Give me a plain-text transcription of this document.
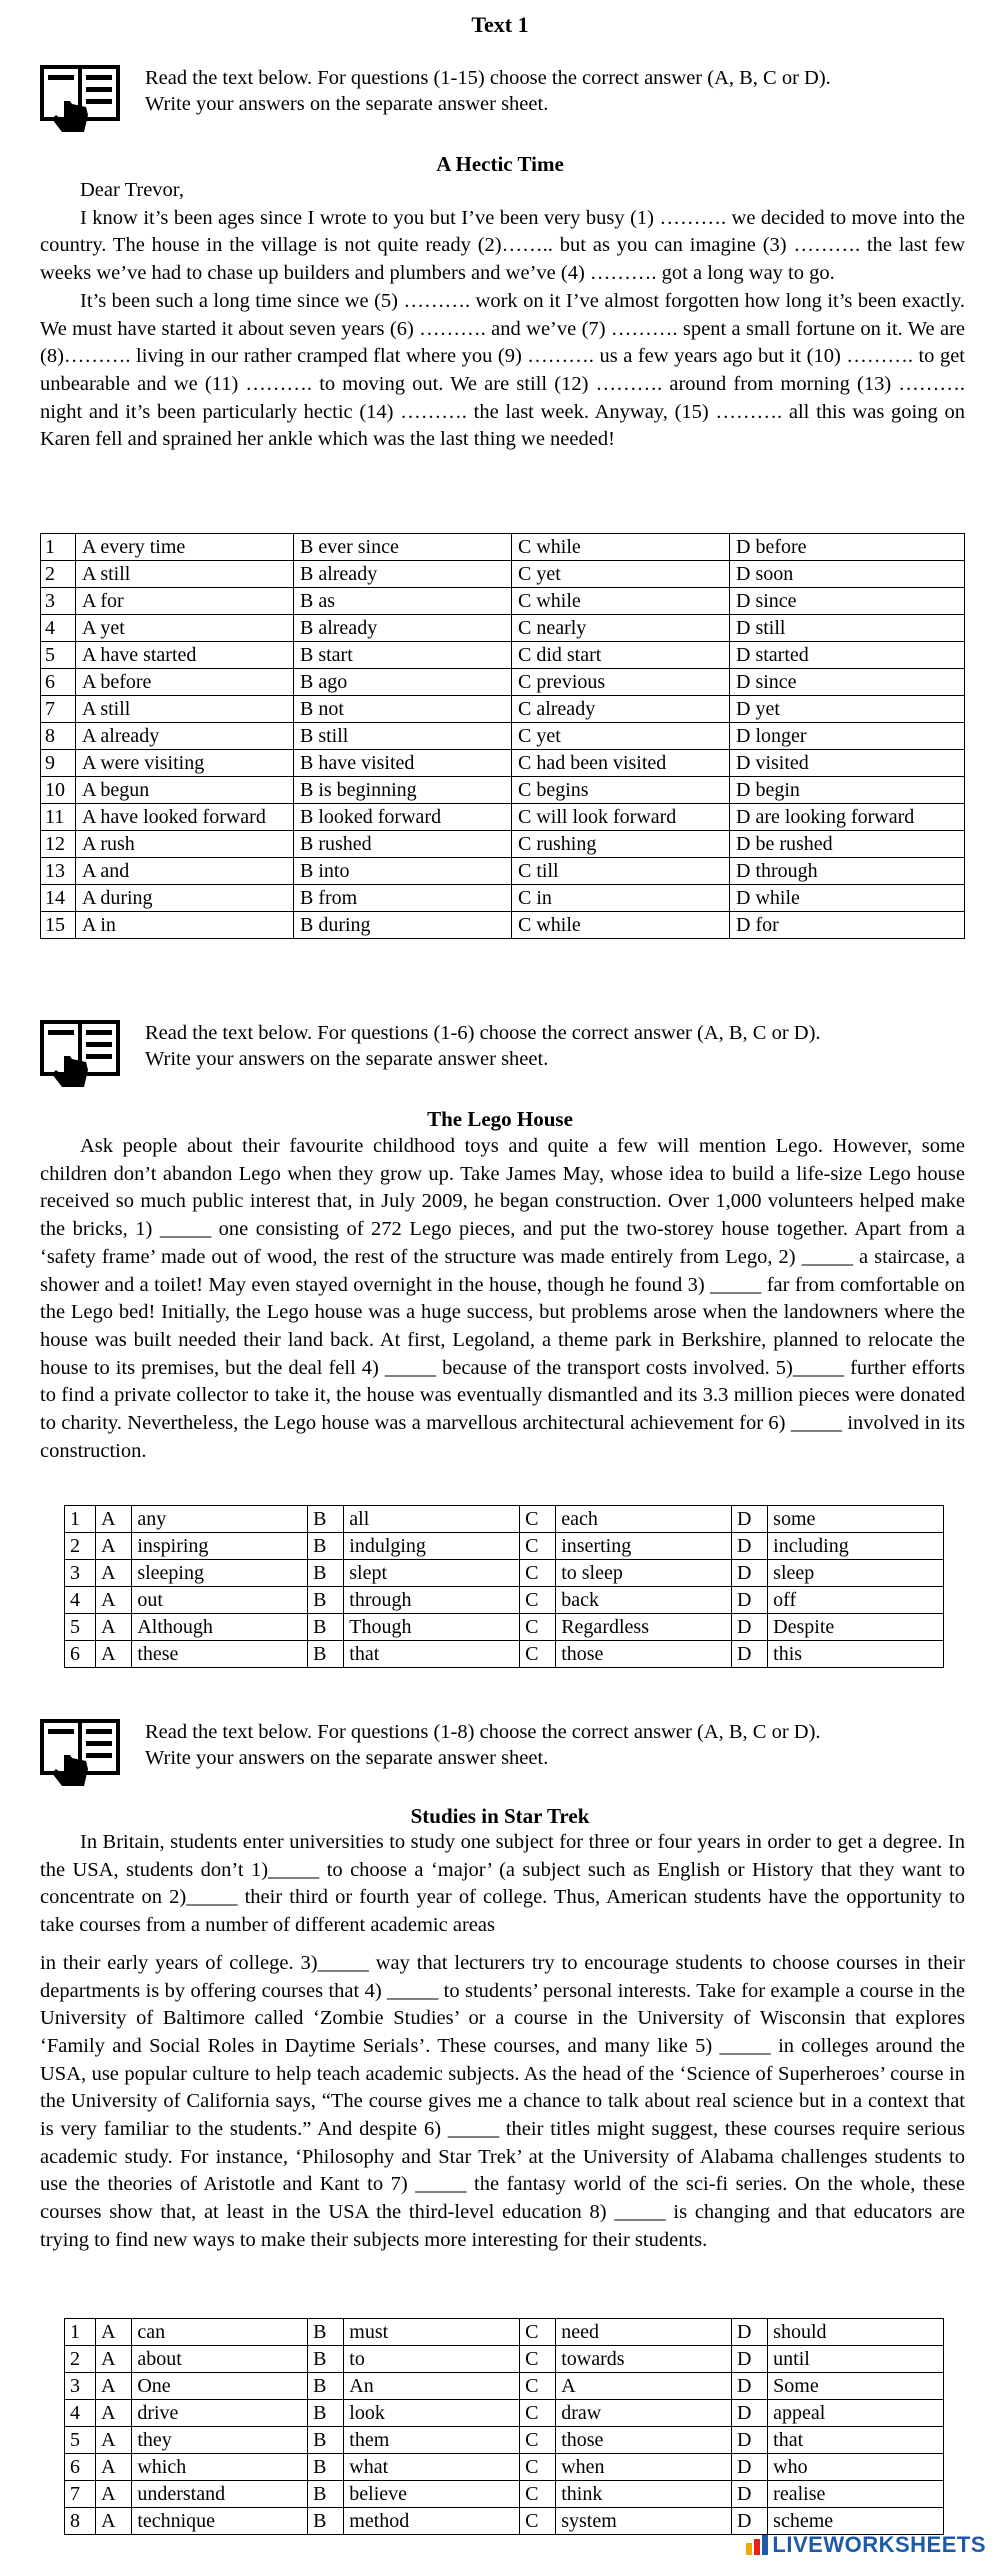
Text 1
Read the text below. For questions (1-15) choose the correct answer (A, B, C or D).
Write your answers on the separate answer sheet.
A Hectic Time

Dear Trevor,

I know it’s been ages since I wrote to you but I’ve been very busy (1) ………. we decided to move into the country. The house in the village is not quite ready (2)…….. but as you can imagine (3) ………. the last few weeks we’ve had to chase up builders and plumbers and we’ve (4) ………. got a long way to go.

It’s been such a long time since we (5) ………. work on it I’ve almost forgotten how long it’s been exactly. We must have started it about seven years (6) ………. and we’ve (7) ………. spent a small fortune on it. We are (8)………. living in our rather cramped flat where you (9) ………. us a few years ago but it (10) ………. to get unbearable and we (11) ………. to moving out. We are still (12) ………. around from morning (13) ………. night and it’s been particularly hectic (14) ………. the last week. Anyway, (15) ………. all this was going on Karen fell and sprained her ankle which was the last thing we needed!

1	A every time	B ever since	C while	D before
2	A still	B already	C yet	D soon
3	A for	B as	C while	D since
4	A yet	B already	C nearly	D still
5	A have started	B start	C did start	D started
6	A before	B ago	C previous	D since
7	A still	B not	C already	D yet
8	A already	B still	C yet	D longer
9	A were visiting	B have visited	C had been visited	D visited
10	A begun	B is beginning	C begins	D begin
11	A have looked forward	B looked forward	C will look forward	D are looking forward
12	A rush	B rushed	C rushing	D be rushed
13	A and	B into	C till	D through
14	A during	B from	C in	D while
15	A in	B during	C while	D for
Read the text below. For questions (1-6) choose the correct answer (A, B, C or D).
Write your answers on the separate answer sheet.
The Lego House

Ask people about their favourite childhood toys and quite a few will mention Lego. However, some children don’t abandon Lego when they grow up. Take James May, whose idea to build a life-size Lego house received so much public interest that, in July 2009, he began construction. Over 1,000 volunteers helped make the bricks, 1) _____ one consisting of 272 Lego pieces, and put the two-storey house together. Apart from a ‘safety frame’ made out of wood, the rest of the structure was made entirely from Lego, 2) _____ a staircase, a shower and a toilet! May even stayed overnight in the house, though he found 3) _____ far from comfortable on the Lego bed! Initially, the Lego house was a huge success, but problems arose when the landowners where the house was built needed their land back. At first, Legoland, a theme park in Berkshire, planned to relocate the house to its premises, but the deal fell 4) _____ because of the transport costs involved. 5)_____ further efforts to find a private collector to take it, the house was eventually dismantled and its 3.3 million pieces were donated to charity. Nevertheless, the Lego house was a marvellous architectural achievement for 6) _____ involved in its construction.

1	A	any	B	all	C	each	D	some
2	A	inspiring	B	indulging	C	inserting	D	including
3	A	sleeping	B	slept	C	to sleep	D	sleep
4	A	out	B	through	C	back	D	off
5	A	Although	B	Though	C	Regardless	D	Despite
6	A	these	B	that	C	those	D	this
Read the text below. For questions (1-8) choose the correct answer (A, B, C or D).
Write your answers on the separate answer sheet.
Studies in Star Trek

In Britain, students enter universities to study one subject for three or four years in order to get a degree. In the USA, students don’t 1)_____ to choose a ‘major’ (a subject such as English or History that they want to concentrate on 2)_____ their third or fourth year of college. Thus, American students have the opportunity to take courses from a number of different academic areas

in their early years of college. 3)_____ way that lecturers try to encourage students to choose courses in their departments is by offering courses that 4) _____ to students’ personal interests. Take for example a course in the University of Baltimore called ‘Zombie Studies’ or a course in the University of Wisconsin that explores ‘Family and Social Roles in Daytime Serials’. These courses, and many like 5) _____ in colleges around the USA, use popular culture to help teach academic subjects. As the head of the ‘Science of Superheroes’ course in the University of California says, “The course gives me a chance to talk about real science but in a context that is very familiar to the students.” And despite 6) _____ their titles might suggest, these courses require serious academic study. For instance, ‘Philosophy and Star Trek’ at the University of Alabama challenges students to use the theories of Aristotle and Kant to 7) _____ the fantasy world of the sci-fi series. On the whole, these courses show that, at least in the USA the third-level education 8) _____ is changing and that educators are trying to find new ways to make their subjects more interesting for their students.

1	A	can	B	must	C	need	D	should
2	A	about	B	to	C	towards	D	until
3	A	One	B	An	C	A	D	Some
4	A	drive	B	look	C	draw	D	appeal
5	A	they	B	them	C	those	D	that
6	A	which	B	what	C	when	D	who
7	A	understand	B	believe	C	think	D	realise
8	A	technique	B	method	C	system	D	scheme
LIVEWORKSHEETS
